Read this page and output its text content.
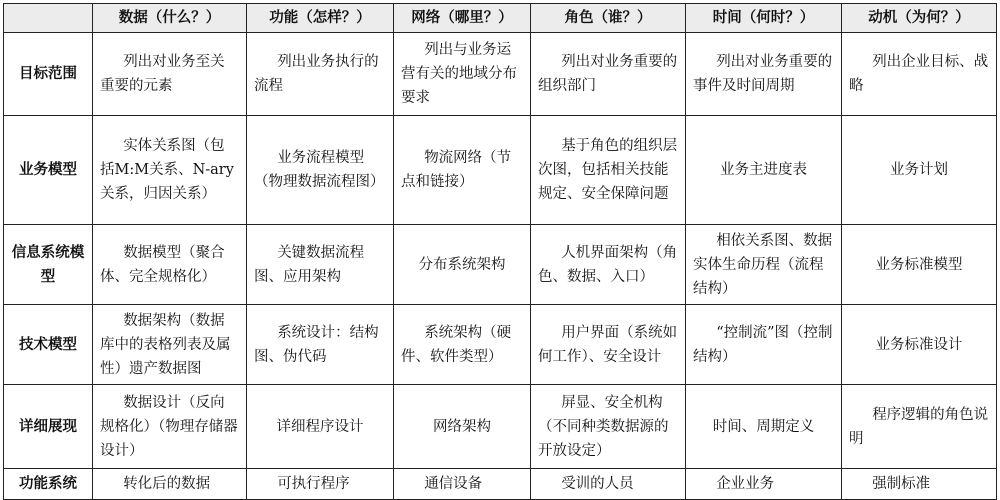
	数据（什么？）	功能（怎样？）	网络（哪里？）	角色（谁？）	时间（何时？）	动机（为何？）
目标范围	列出对业务至关重要的元素	列出业务执行的流程	列出与业务运营有关的地域分布要求	列出对业务重要的组织部门	列出对业务重要的事件及时间周期	列出企业目标、战略
业务模型	实体关系图（包括M:M关系、N-ary关系，归因关系）	业务流程模型（物理数据流程图）	物流网络（节点和链接）	基于角色的组织层次图，包括相关技能规定、安全保障问题	业务主进度表	业务计划
信息系统模型	数据模型（聚合体、完全规格化）	关键数据流程图、应用架构	分布系统架构	人机界面架构（角色、数据、入口）	相依关系图、数据实体生命历程（流程结构）	业务标准模型
技术模型	数据架构（数据库中的表格列表及属性）遗产数据图	系统设计：结构图、伪代码	系统架构（硬件、软件类型）	用户界面（系统如何工作）、安全设计	“控制流”图（控制结构）	业务标准设计
详细展现	数据设计（反向规格化）（物理存储器设计）	详细程序设计	网络架构	屏显、安全机构（不同种类数据源的开放设定）	时间、周期定义	程序逻辑的角色说明
功能系统	转化后的数据	可执行程序	通信设备	受训的人员	企业业务	强制标准
